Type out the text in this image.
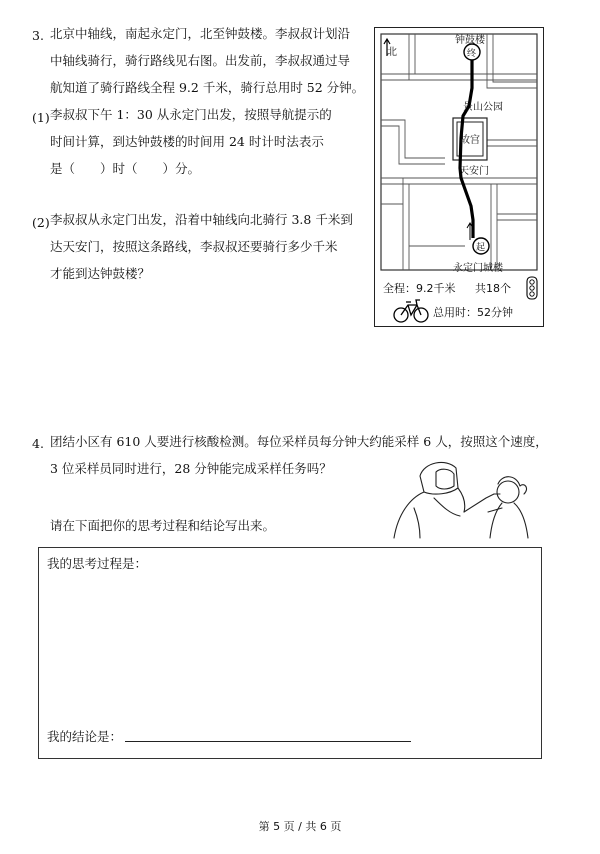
3. 北京中轴线，南起永定门，北至钟鼓楼。李叔叔计划沿
中轴线骑行，骑行路线见右图。出发前，李叔叔通过导
航知道了骑行路线全程 9.2 千米，骑行总用时 52 分钟。
(1) 李叔叔下午 1：30 从永定门出发，按照导航提示的
时间计算，到达钟鼓楼的时间用 24 时计时法表示
是（　　）时（　　）分。
(2) 李叔叔从永定门出发，沿着中轴线向北骑行 3.8 千米到
达天安门，按照这条路线，李叔叔还要骑行多少千米
才能到达钟鼓楼？
北
钟鼓楼
终
景山公园
故宫
天安门
起
永定门城楼
全程：9.2千米 共18个
总用时：52分钟
4. 团结小区有 610 人要进行核酸检测。每位采样员每分钟大约能采样 6 人，按照这个速度，
3 位采样员同时进行，28 分钟能完成采样任务吗？
请在下面把你的思考过程和结论写出来。
我的思考过程是：
我的结论是：
第 5 页 / 共 6 页
